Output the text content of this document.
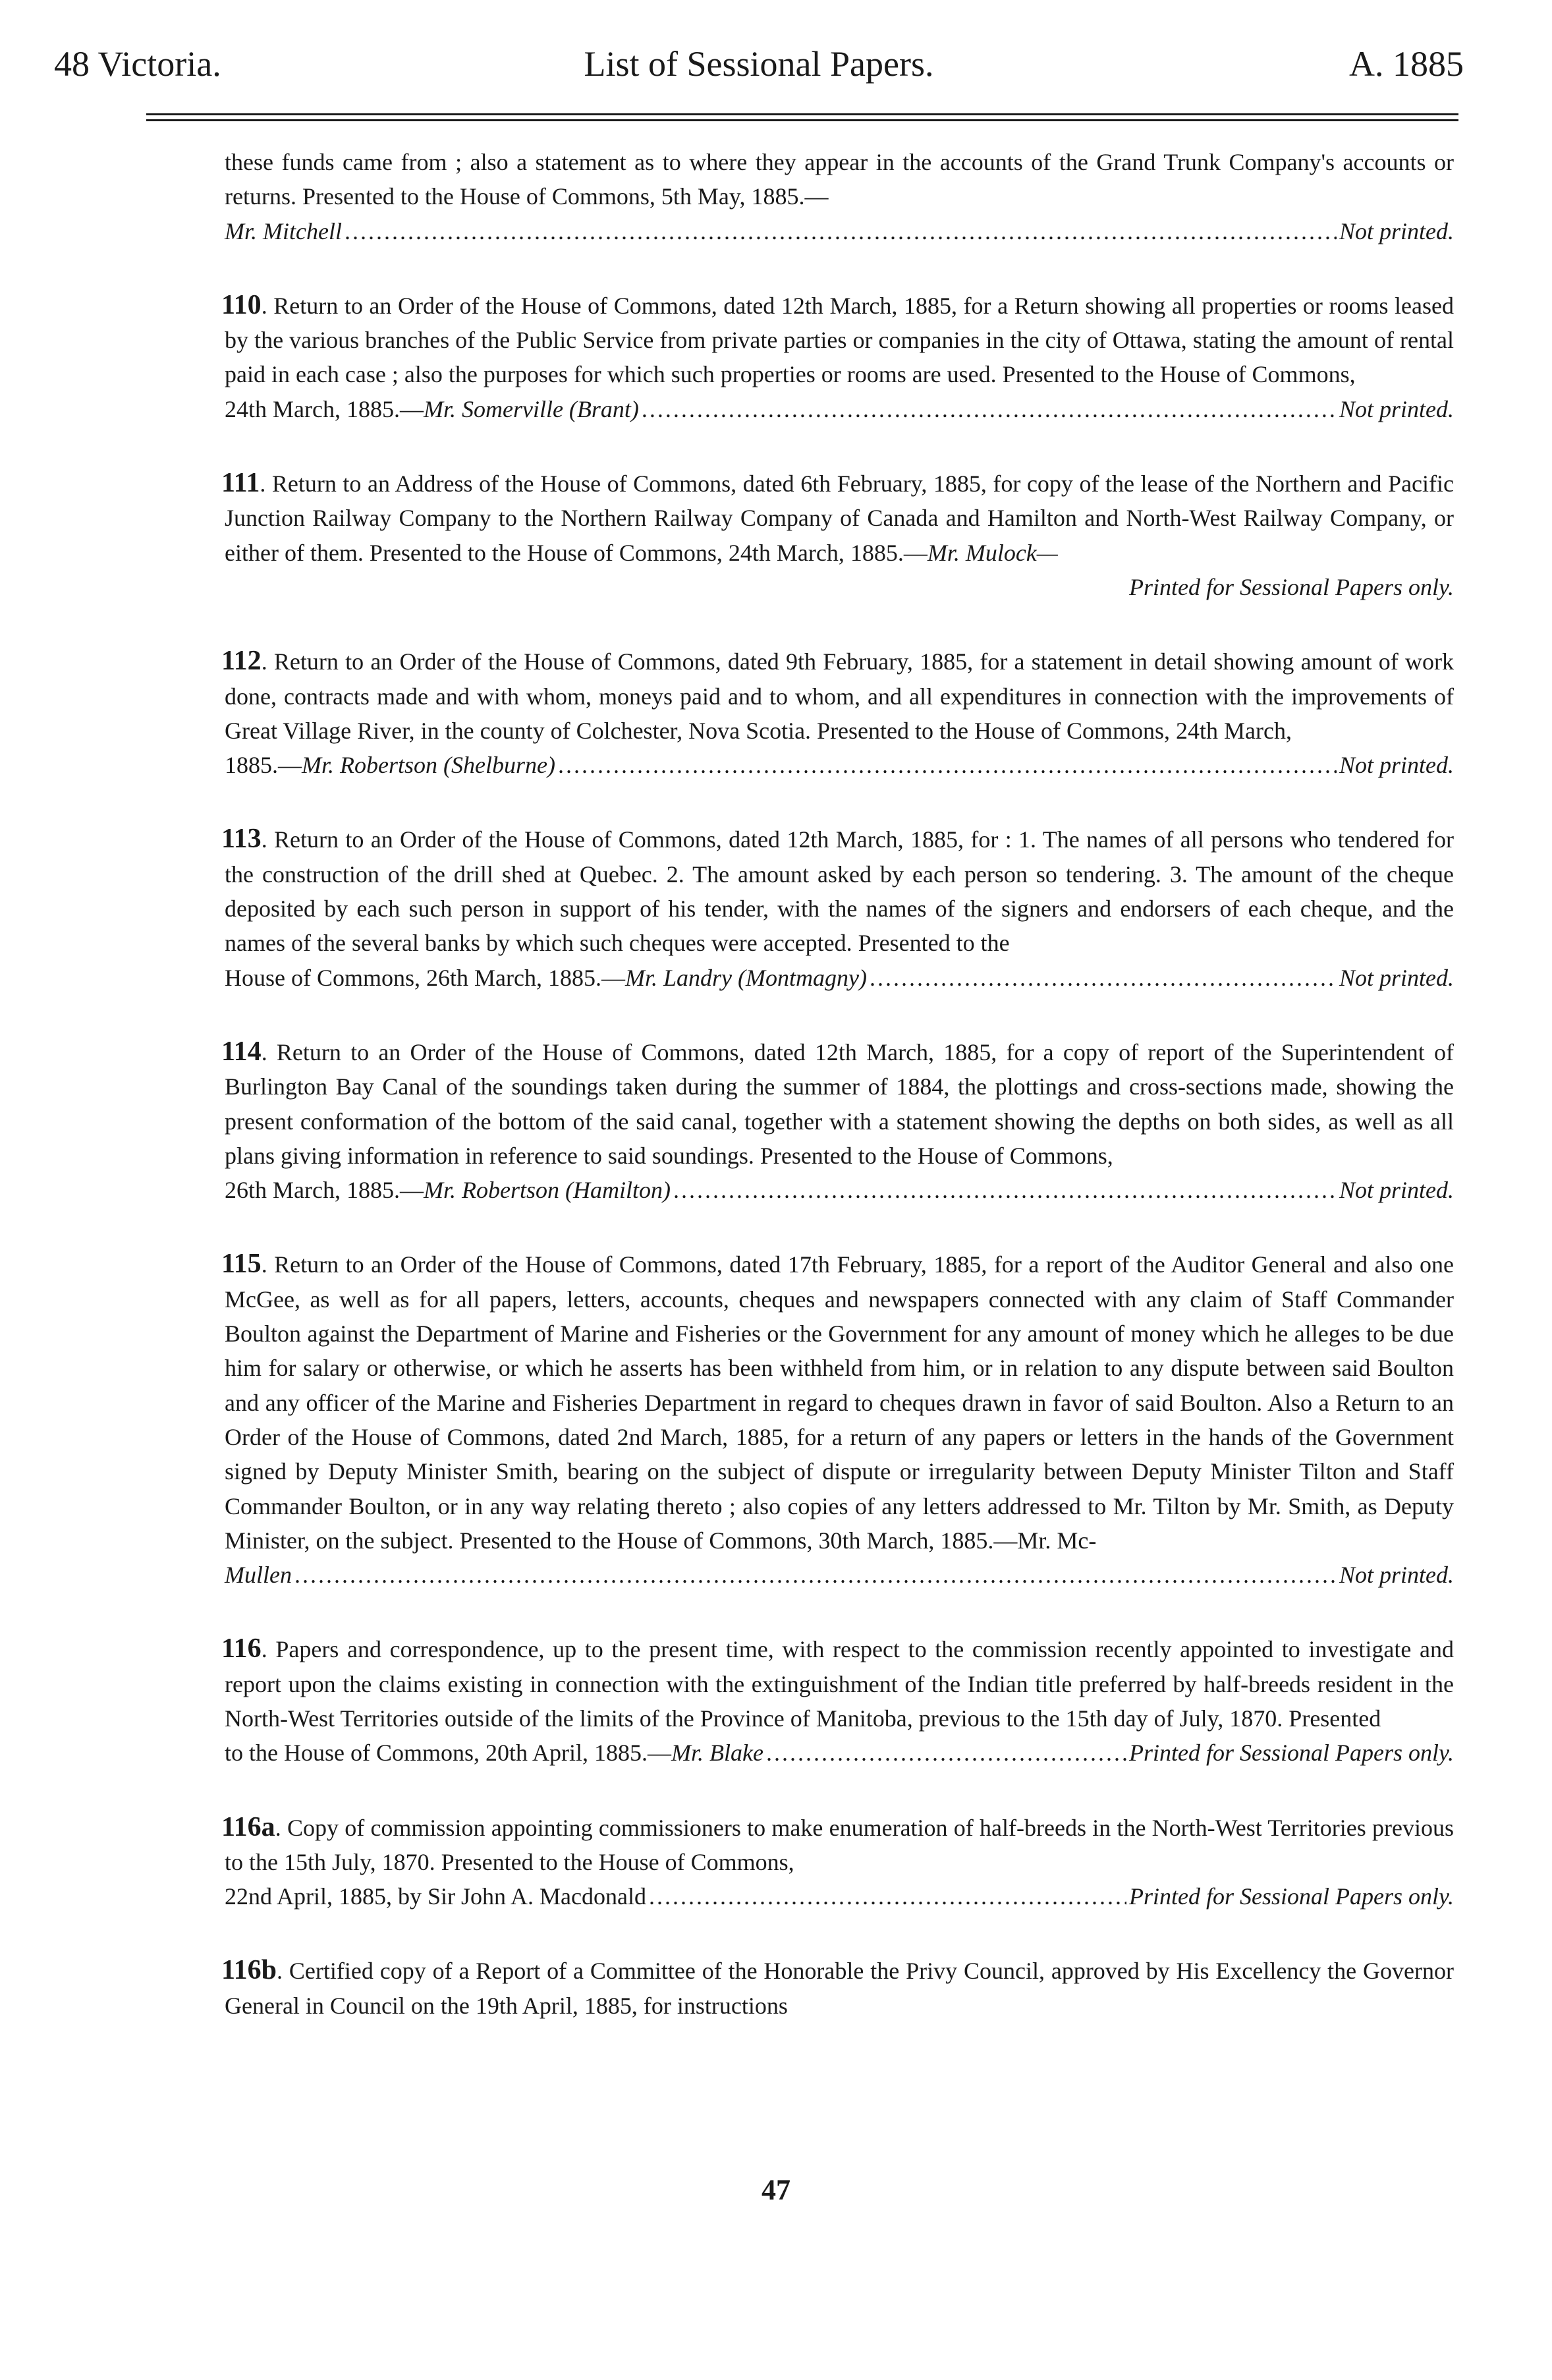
48 Victoria.	List of Sessional Papers.	A. 1885
these funds came from ; also a statement as to where they appear in the accounts of the Grand Trunk Company's accounts or returns. Presented to the House of Commons, 5th May, 1885.—
Mr. Mitchell .....	Not printed.
110. Return to an Order of the House of Commons, dated 12th March, 1885, for a Return showing all properties or rooms leased by the various branches of the Public Service from private parties or companies in the city of Ottawa, stating the amount of rental paid in each case ; also the purposes for which such properties or rooms are used. Presented to the House of Commons,
24th March, 1885.—Mr. Somerville (Brant) .....	Not printed.
111. Return to an Address of the House of Commons, dated 6th February, 1885, for copy of the lease of the Northern and Pacific Junction Railway Company to the Northern Railway Company of Canada and Hamilton and North-West Railway Company, or either of them. Presented to the House of Commons, 24th March, 1885.—Mr. Mulock—
Printed for Sessional Papers only.
112. Return to an Order of the House of Commons, dated 9th February, 1885, for a statement in detail showing amount of work done, contracts made and with whom, moneys paid and to whom, and all expenditures in connection with the improvements of Great Village River, in the county of Colchester, Nova Scotia. Presented to the House of Commons, 24th March,
1885.—Mr. Robertson (Shelburne) .....	Not printed.
113. Return to an Order of the House of Commons, dated 12th March, 1885, for : 1. The names of all persons who tendered for the construction of the drill shed at Quebec. 2. The amount asked by each person so tendering. 3. The amount of the cheque deposited by each such person in support of his tender, with the names of the signers and endorsers of each cheque, and the names of the several banks by which such cheques were accepted. Presented to the
House of Commons, 26th March, 1885.—Mr. Landry (Montmagny) .....	Not printed.
114. Return to an Order of the House of Commons, dated 12th March, 1885, for a copy of report of the Superintendent of Burlington Bay Canal of the soundings taken during the summer of 1884, the plottings and cross-sections made, showing the present conformation of the bottom of the said canal, together with a statement showing the depths on both sides, as well as all plans giving information in reference to said soundings. Presented to the House of Commons,
26th March, 1885.—Mr. Robertson (Hamilton) .....	Not printed.
115. Return to an Order of the House of Commons, dated 17th February, 1885, for a report of the Auditor General and also one McGee, as well as for all papers, letters, accounts, cheques and newspapers connected with any claim of Staff Commander Boulton against the Department of Marine and Fisheries or the Government for any amount of money which he alleges to be due him for salary or otherwise, or which he asserts has been withheld from him, or in relation to any dispute between said Boulton and any officer of the Marine and Fisheries Department in regard to cheques drawn in favor of said Boulton. Also a Return to an Order of the House of Commons, dated 2nd March, 1885, for a return of any papers or letters in the hands of the Government signed by Deputy Minister Smith, bearing on the subject of dispute or irregularity between Deputy Minister Tilton and Staff Commander Boulton, or in any way relating thereto ; also copies of any letters addressed to Mr. Tilton by Mr. Smith, as Deputy Minister, on the subject. Presented to the House of Commons, 30th March, 1885.—Mr. Mc-
Mullen .....	Not printed.
116. Papers and correspondence, up to the present time, with respect to the commission recently appointed to investigate and report upon the claims existing in connection with the extinguishment of the Indian title preferred by half-breeds resident in the North-West Territories outside of the limits of the Province of Manitoba, previous to the 15th day of July, 1870. Presented
to the House of Commons, 20th April, 1885.—Mr. Blake .....	Printed for Sessional Papers only.
116a. Copy of commission appointing commissioners to make enumeration of half-breeds in the North-West Territories previous to the 15th July, 1870. Presented to the House of Commons,
22nd April, 1885, by Sir John A. Macdonald .....	Printed for Sessional Papers only.
116b. Certified copy of a Report of a Committee of the Honorable the Privy Council, approved by His Excellency the Governor General in Council on the 19th April, 1885, for instructions
47
